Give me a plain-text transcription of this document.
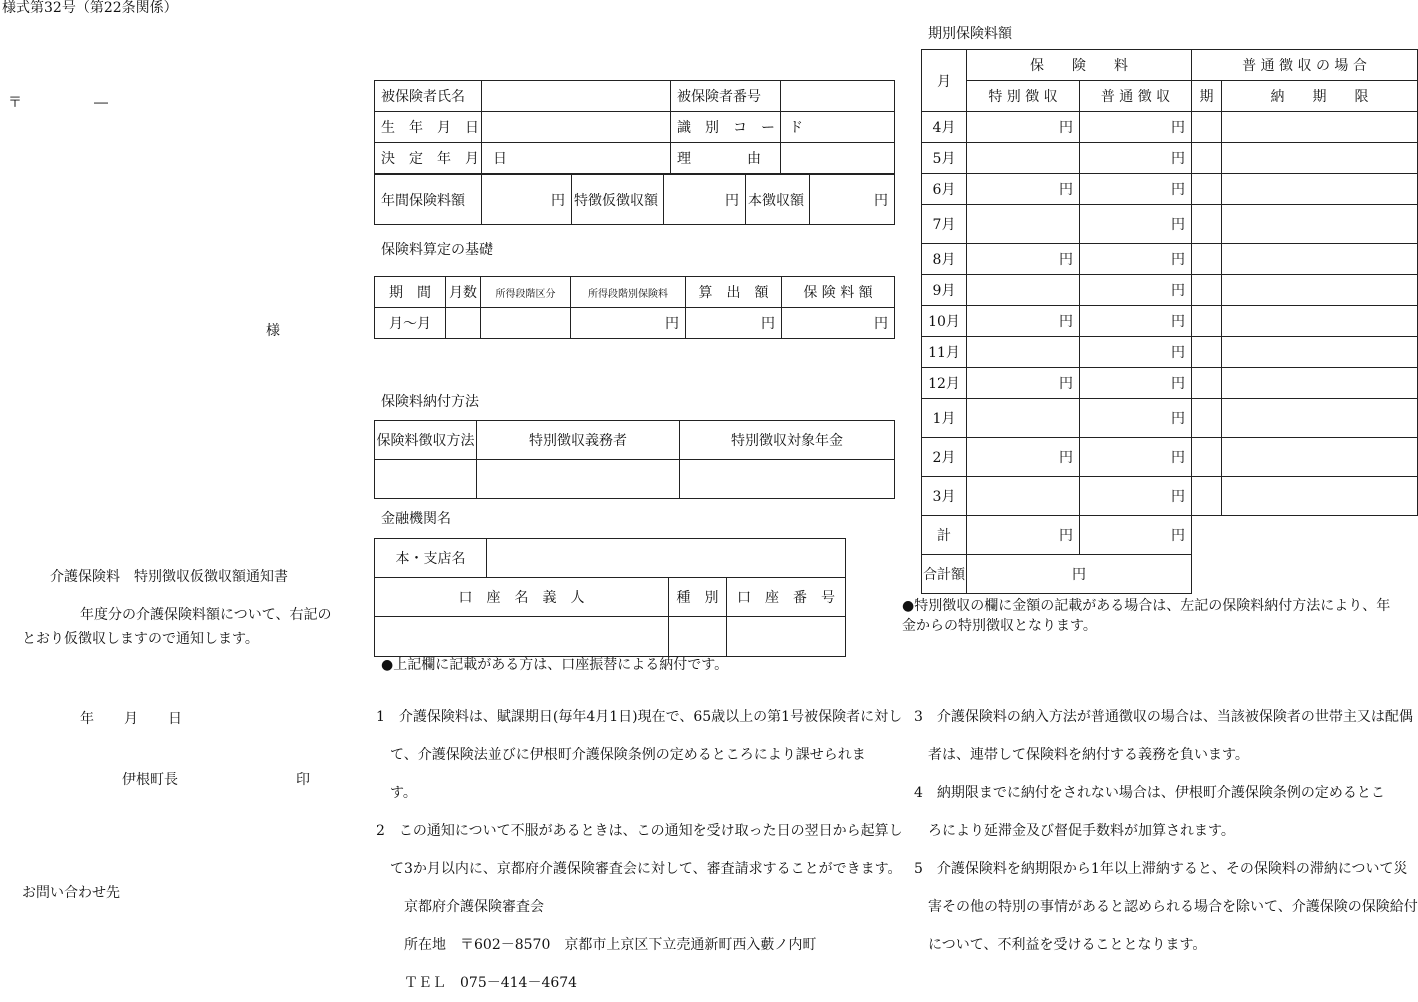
様式第32号（第22条関係）
〒	―
様
介護保険料　特別徴収仮徴収額通知書
年度分の介護保険料額について、右記の
とおり仮徴収しますので通知します。
年 月 日
伊根町長	印
お問い合わせ先
被保険者氏名		被保険者番号	
生　年　月　日		識　別　コ　ー　ド	
決　定　年　月　日		理　　　　由	
年間保険料額	円	特徴仮徴収額	円	本徴収額	円
保険料算定の基礎
期　間	月数	所得段階区分	所得段階別保険料	算　出　額	保 険 料 額
月～月			円	円	円
保険料納付方法
保険料徴収方法	特別徴収義務者	特別徴収対象年金

金融機関名
本・支店名	
口　座　名　義　人	種　別	口　座　番　号

●上記欄に記載がある方は、口座振替による納付です。
期別保険料額
月	保　　険　　料		普 通 徴 収 の 場 合	
	特 別 徴 収	普 通 徴 収	期	納　　期　　限
4月	円	円		
5月		円		
6月	円	円		
7月		円		
8月	円	円		
9月		円		
10月	円	円		
11月		円		
12月	円	円		
1月		円		
2月	円	円		
3月		円		
計	円	円		
合計額	円			
●特別徴収の欄に金額の記載がある場合は、左記の保険料納付方法により、年
金からの特別徴収となります。

1　介護保険料は、賦課期日(毎年4月1日)現在で、65歳以上の第1号被保険者に対し

　て、介護保険法並びに伊根町介護保険条例の定めるところにより課せられま

　す。

2　この通知について不服があるときは、この通知を受け取った日の翌日から起算し

　て3か月以内に、京都府介護保険審査会に対して、審査請求することができます。

　　京都府介護保険審査会

　　所在地　〒602－8570　京都市上京区下立売通新町西入藪ノ内町

　　ＴＥＬ　075－414－4674

3　介護保険料の納入方法が普通徴収の場合は、当該被保険者の世帯主又は配偶

　者は、連帯して保険料を納付する義務を負います。

4　納期限までに納付をされない場合は、伊根町介護保険条例の定めるとこ

　ろにより延滞金及び督促手数料が加算されます。

5　介護保険料を納期限から1年以上滞納すると、その保険料の滞納について災

　害その他の特別の事情があると認められる場合を除いて、介護保険の保険給付

　について、不利益を受けることとなります。
